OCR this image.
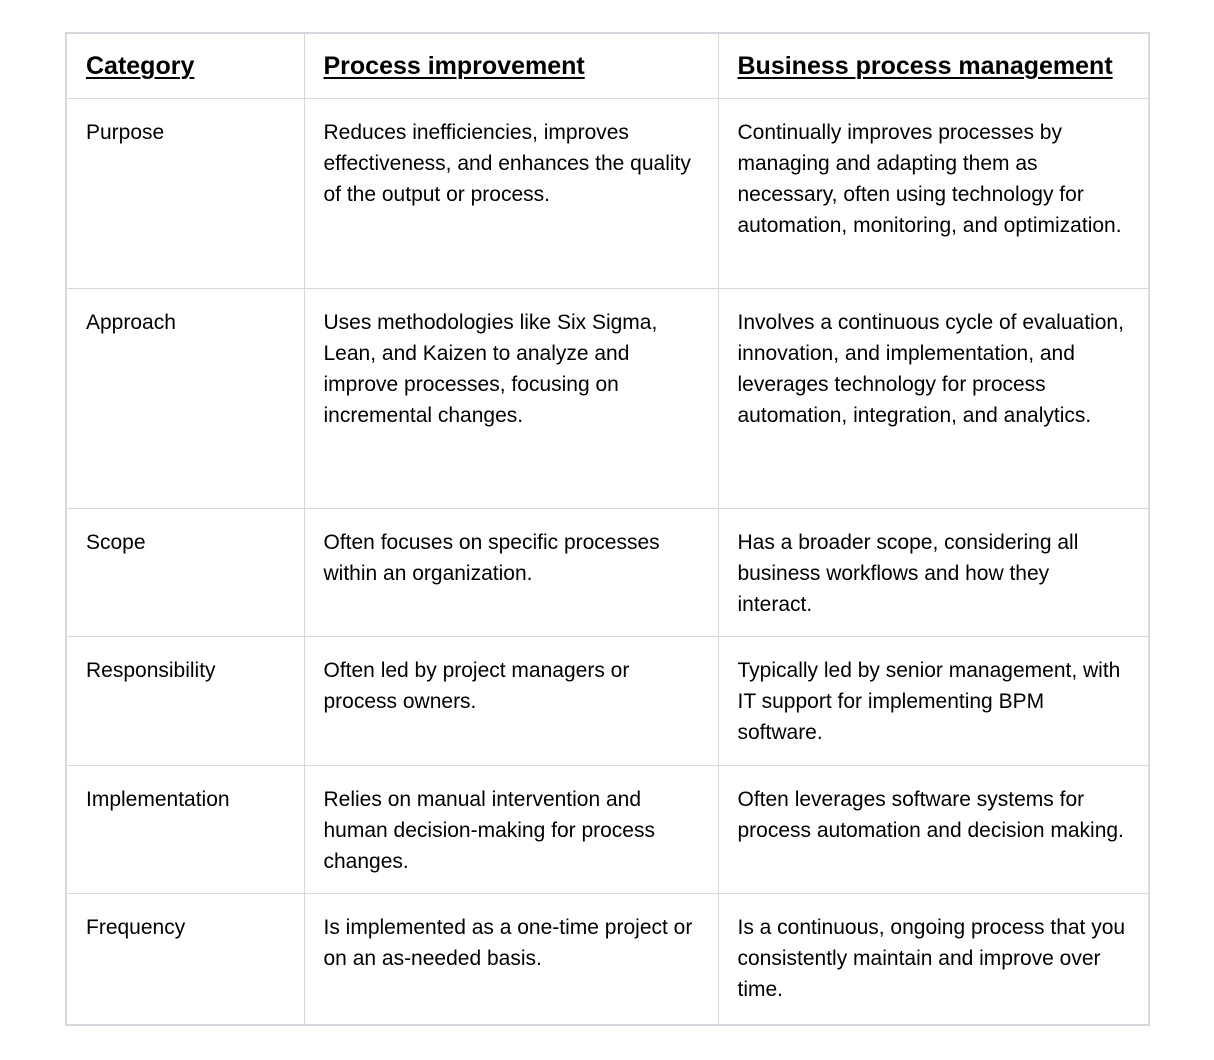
Category	Process improvement	Business process management
Purpose	Reduces inefficiencies, improves effectiveness, and enhances the quality of the output or process.	Continually improves processes by managing and adapting them as necessary, often using technology for automation, monitoring, and optimization.
Approach	Uses methodologies like Six Sigma, Lean, and Kaizen to analyze and improve processes, focusing on incremental changes.	Involves a continuous cycle of evaluation, innovation, and implementation, and leverages technology for process automation, integration, and analytics.
Scope	Often focuses on specific processes within an organization.	Has a broader scope, considering all business workflows and how they interact.
Responsibility	Often led by project managers or process owners.	Typically led by senior management, with IT support for implementing BPM software.
Implementation	Relies on manual intervention and human decision-making for process changes.	Often leverages software systems for process automation and decision making.
Frequency	Is implemented as a one-time project or on an as-needed basis.	Is a continuous, ongoing process that you consistently maintain and improve over time.
